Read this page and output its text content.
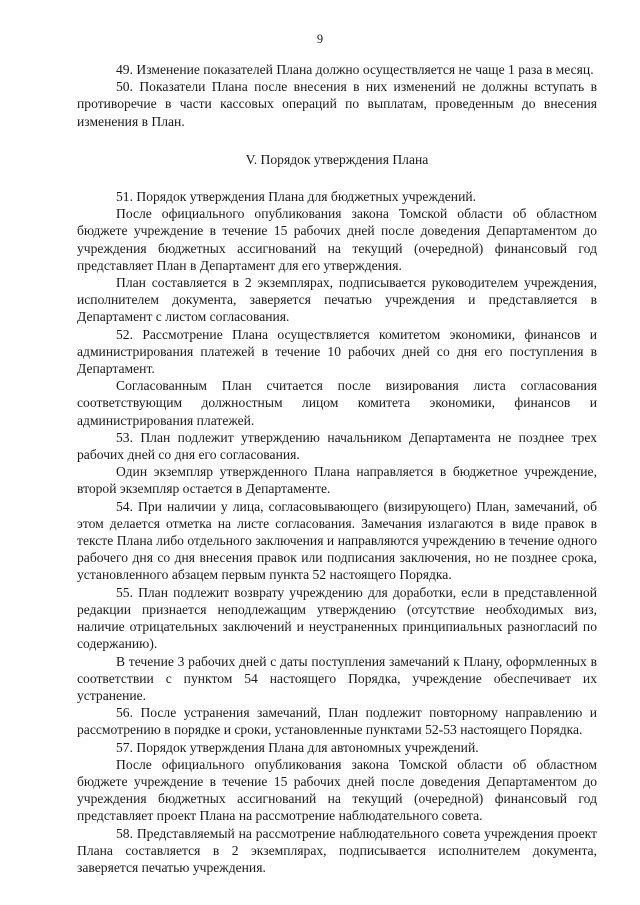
9

49. Изменение показателей Плана должно осуществляется не чаще 1 раза в месяц.

50. Показатели Плана после внесения в них изменений не должны вступать в противоречие в части кассовых операций по выплатам, проведенным до внесения изменения в План.

V. Порядок утверждения Плана

51. Порядок утверждения Плана для бюджетных учреждений.

После официального опубликования закона Томской области об областном бюджете учреждение в течение 15 рабочих дней после доведения Департаментом до учреждения бюджетных ассигнований на текущий (очередной) финансовый год представляет План в Департамент для его утверждения.

План составляется в 2 экземплярах, подписывается руководителем учреждения, исполнителем документа, заверяется печатью учреждения и представляется в Департамент с листом согласования.

52. Рассмотрение Плана осуществляется комитетом экономики, финансов и администрирования платежей в течение 10 рабочих дней со дня его поступления в Департамент.

Согласованным План считается после визирования листа согласования соответствующим должностным лицом комитета экономики, финансов и администрирования платежей.

53. План подлежит утверждению начальником Департамента не позднее трех рабочих дней со дня его согласования.

Один экземпляр утвержденного Плана направляется в бюджетное учреждение, второй экземпляр остается в Департаменте.

54. При наличии у лица, согласовывающего (визирующего) План, замечаний, об этом делается отметка на листе согласования. Замечания излагаются в виде правок в тексте Плана либо отдельного заключения и направляются учреждению в течение одного рабочего дня со дня внесения правок или подписания заключения, но не позднее срока, установленного абзацем первым пункта 52 настоящего Порядка.

55. План подлежит возврату учреждению для доработки, если в представленной редакции признается неподлежащим утверждению (отсутствие необходимых виз, наличие отрицательных заключений и неустраненных принципиальных разногласий по содержанию).

В течение 3 рабочих дней с даты поступления замечаний к Плану, оформленных в соответствии с пунктом 54 настоящего Порядка, учреждение обеспечивает их устранение.

56. После устранения замечаний, План подлежит повторному направлению и рассмотрению в порядке и сроки, установленные пунктами 52-53 настоящего Порядка.

57. Порядок утверждения Плана для автономных учреждений.

После официального опубликования закона Томской области об областном бюджете учреждение в течение 15 рабочих дней после доведения Департаментом до учреждения бюджетных ассигнований на текущий (очередной) финансовый год представляет проект Плана на рассмотрение наблюдательного совета.

58. Представляемый на рассмотрение наблюдательного совета учреждения проект Плана составляется в 2 экземплярах, подписывается исполнителем документа, заверяется печатью учреждения.
